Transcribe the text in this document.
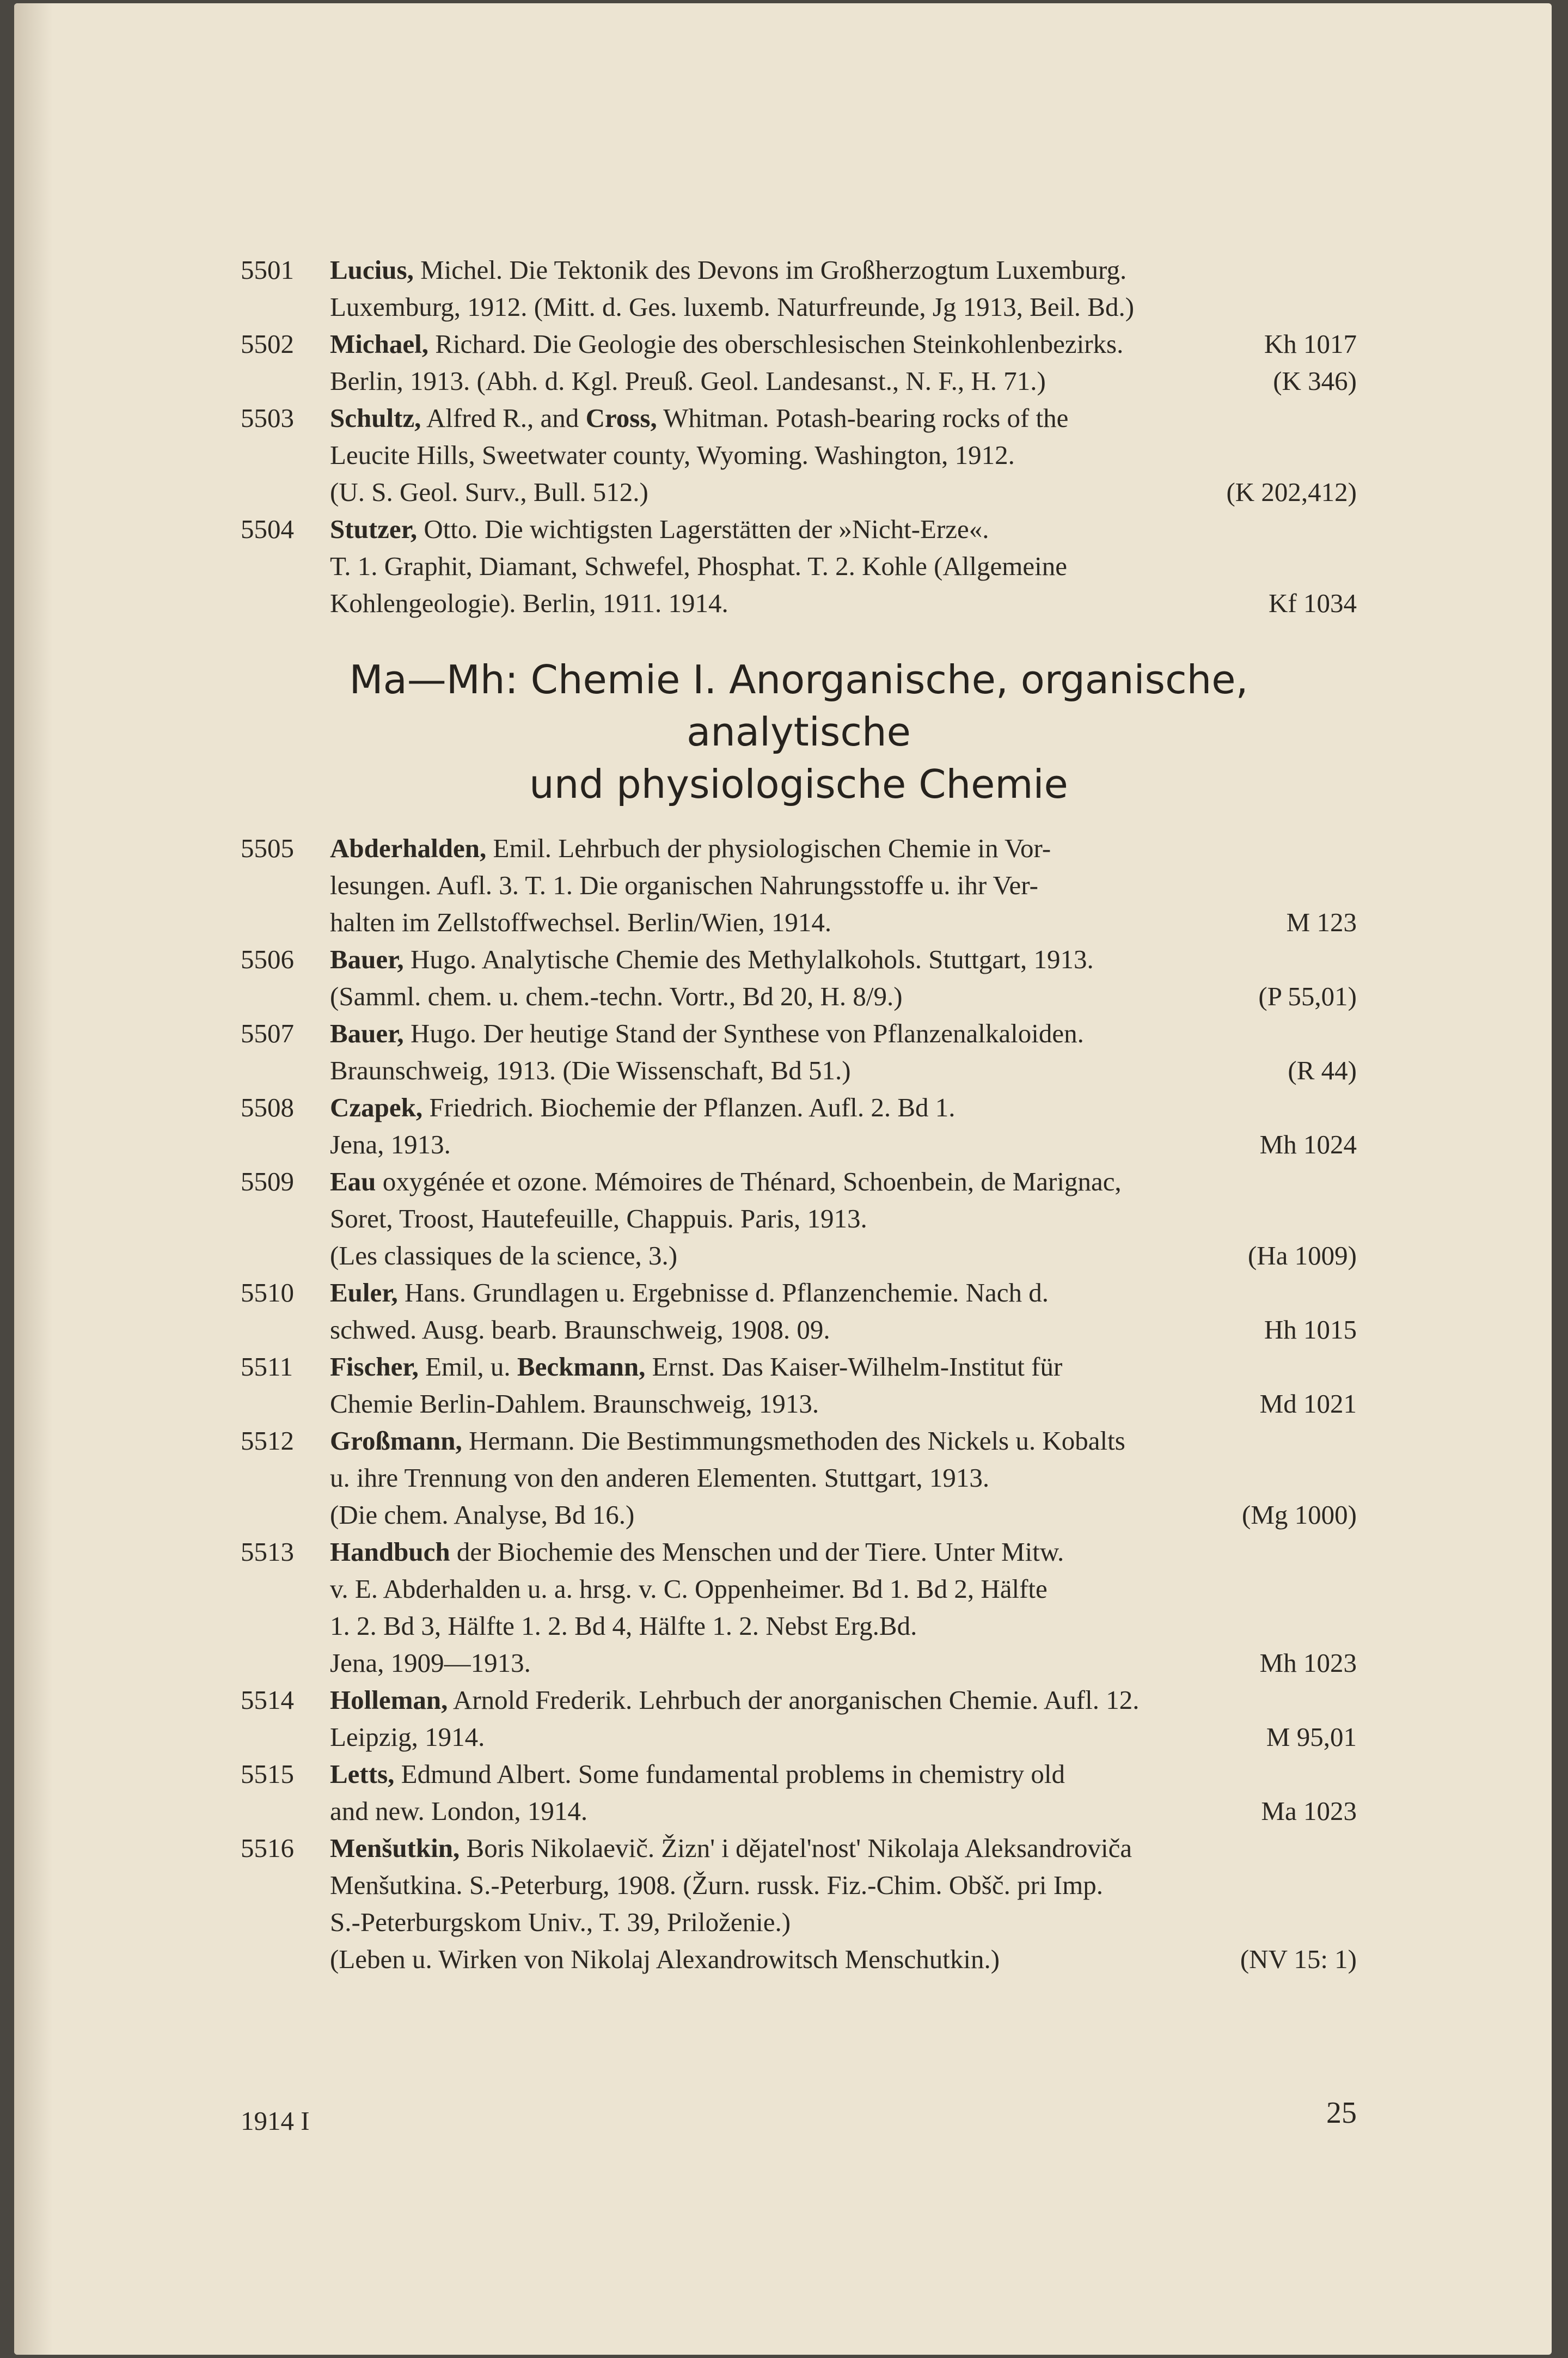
5501 Lucius, Michel. Die Tektonik des Devons im Großherzogtum Luxemburg.
Luxemburg, 1912. (Mitt. d. Ges. luxemb. Naturfreunde, Jg 1913, Beil. Bd.)
Kh 1017
5502 Michael, Richard. Die Geologie des oberschlesischen Steinkohlenbezirks.
(K 346)
Berlin, 1913. (Abh. d. Kgl. Preuß. Geol. Landesanst., N. F., H. 71.)
5503 Schultz, Alfred R., and Cross, Whitman. Potash-bearing rocks of the
Leucite Hills, Sweetwater county, Wyoming. Washington, 1912.
(K 202,412)
(U. S. Geol. Surv., Bull. 512.)
5504 Stutzer, Otto. Die wichtigsten Lagerstätten der »Nicht-Erze«.
T. 1. Graphit, Diamant, Schwefel, Phosphat. T. 2. Kohle (Allgemeine
Kf 1034
Kohlengeologie). Berlin, 1911. 1914.
Ma—Mh: Chemie I. Anorganische, organische, analytische
und physiologische Chemie
5505 Abderhalden, Emil. Lehrbuch der physiologischen Chemie in Vor-
lesungen. Aufl. 3. T. 1. Die organischen Nahrungsstoffe u. ihr Ver-
M 123
halten im Zellstoffwechsel. Berlin/Wien, 1914.
5506 Bauer, Hugo. Analytische Chemie des Methylalkohols. Stuttgart, 1913.
(P 55,01)
(Samml. chem. u. chem.-techn. Vortr., Bd 20, H. 8/9.)
5507 Bauer, Hugo. Der heutige Stand der Synthese von Pflanzenalkaloiden.
(R 44)
Braunschweig, 1913. (Die Wissenschaft, Bd 51.)
5508 Czapek, Friedrich. Biochemie der Pflanzen. Aufl. 2. Bd 1.
Mh 1024
Jena, 1913.
5509 Eau oxygénée et ozone. Mémoires de Thénard, Schoenbein, de Marignac,
Soret, Troost, Hautefeuille, Chappuis. Paris, 1913.
(Ha 1009)
(Les classiques de la science, 3.)
5510 Euler, Hans. Grundlagen u. Ergebnisse d. Pflanzenchemie. Nach d.
Hh 1015
schwed. Ausg. bearb. Braunschweig, 1908. 09.
5511 Fischer, Emil, u. Beckmann, Ernst. Das Kaiser-Wilhelm-Institut für
Md 1021
Chemie Berlin-Dahlem. Braunschweig, 1913.
5512 Großmann, Hermann. Die Bestimmungsmethoden des Nickels u. Kobalts
u. ihre Trennung von den anderen Elementen. Stuttgart, 1913.
(Mg 1000)
(Die chem. Analyse, Bd 16.)
5513 Handbuch der Biochemie des Menschen und der Tiere. Unter Mitw.
v. E. Abderhalden u. a. hrsg. v. C. Oppenheimer. Bd 1. Bd 2, Hälfte
1. 2. Bd 3, Hälfte 1. 2. Bd 4, Hälfte 1. 2. Nebst Erg.Bd.
Mh 1023
Jena, 1909—1913.
5514 Holleman, Arnold Frederik. Lehrbuch der anorganischen Chemie. Aufl. 12.
M 95,01
Leipzig, 1914.
5515 Letts, Edmund Albert. Some fundamental problems in chemistry old
Ma 1023
and new. London, 1914.
5516 Menšutkin, Boris Nikolaevič. Žizn' i dějatel'nost' Nikolaja Aleksandroviča
Menšutkina. S.-Peterburg, 1908. (Žurn. russk. Fiz.-Chim. Obšč. pri Imp.
S.-Peterburgskom Univ., T. 39, Priloženie.)
(NV 15: 1)
(Leben u. Wirken von Nikolaj Alexandrowitsch Menschutkin.)
1914 I	25
